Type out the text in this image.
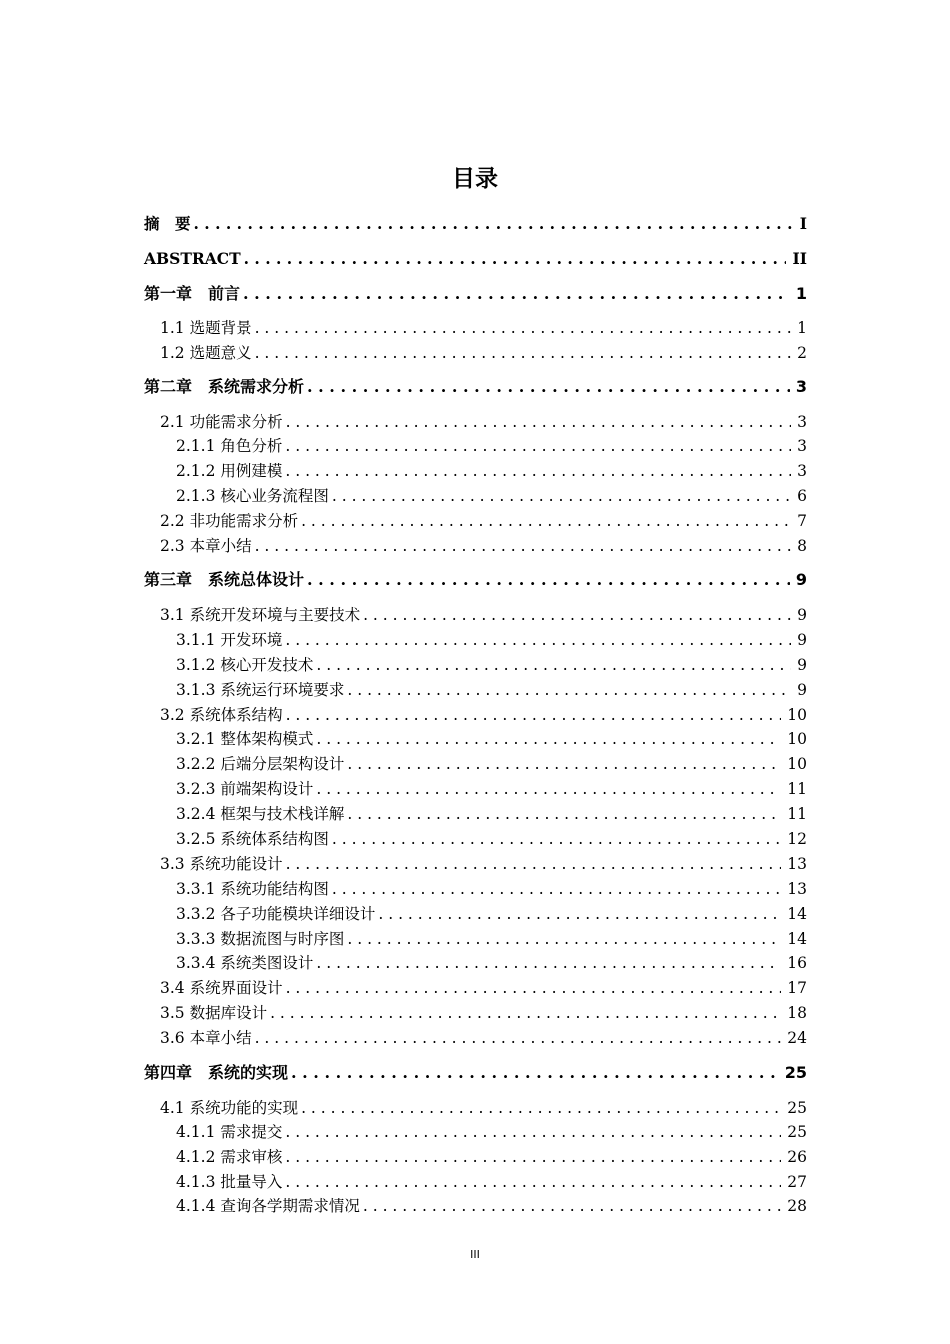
目录
摘　要 . . .	I
ABSTRACT . . .	II
第一章　前言 . . .	1
1.1 选题背景 . . .	1
1.2 选题意义 . . .	2
第二章　系统需求分析 . . .	3
2.1 功能需求分析 . . .	3
2.1.1 角色分析 . . .	3
2.1.2 用例建模 . . .	3
2.1.3 核心业务流程图 . . .	6
2.2 非功能需求分析 . . .	7
2.3 本章小结 . . .	8
第三章　系统总体设计 . . .	9
3.1 系统开发环境与主要技术 . . .	9
3.1.1 开发环境 . . .	9
3.1.2 核心开发技术 . . .	9
3.1.3 系统运行环境要求 . . .	9
3.2 系统体系结构 . . .	10
3.2.1 整体架构模式 . . .	10
3.2.2 后端分层架构设计 . . .	10
3.2.3 前端架构设计 . . .	11
3.2.4 框架与技术栈详解 . . .	11
3.2.5 系统体系结构图 . . .	12
3.3 系统功能设计 . . .	13
3.3.1 系统功能结构图 . . .	13
3.3.2 各子功能模块详细设计 . . .	14
3.3.3 数据流图与时序图 . . .	14
3.3.4 系统类图设计 . . .	16
3.4 系统界面设计 . . .	17
3.5 数据库设计 . . .	18
3.6 本章小结 . . .	24
第四章　系统的实现 . . .	25
4.1 系统功能的实现 . . .	25
4.1.1 需求提交 . . .	25
4.1.2 需求审核 . . .	26
4.1.3 批量导入 . . .	27
4.1.4 查询各学期需求情况 . . .	28
III
